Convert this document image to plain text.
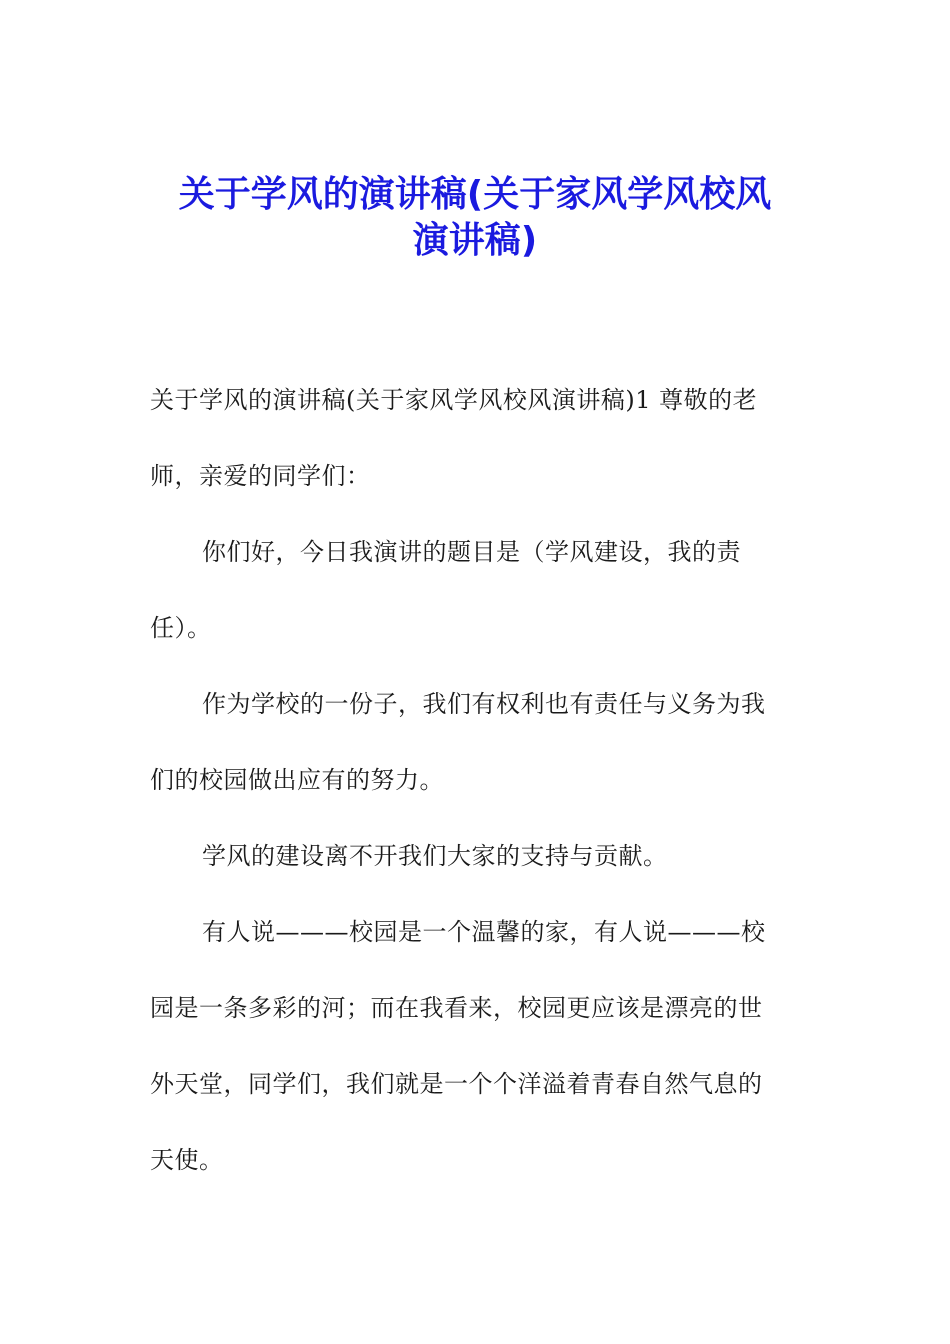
关于学风的演讲稿(关于家风学风校风
演讲稿)
关于学风的演讲稿(关于家风学风校风演讲稿)1 尊敬的老
师，亲爱的同学们：
你们好，今日我演讲的题目是（学风建设，我的责
任）。
作为学校的一份子，我们有权利也有责任与义务为我
们的校园做出应有的努力。
学风的建设离不开我们大家的支持与贡献。
有人说———校园是一个温馨的家，有人说———校
园是一条多彩的河；而在我看来，校园更应该是漂亮的世
外天堂，同学们，我们就是一个个洋溢着青春自然气息的
天使。
